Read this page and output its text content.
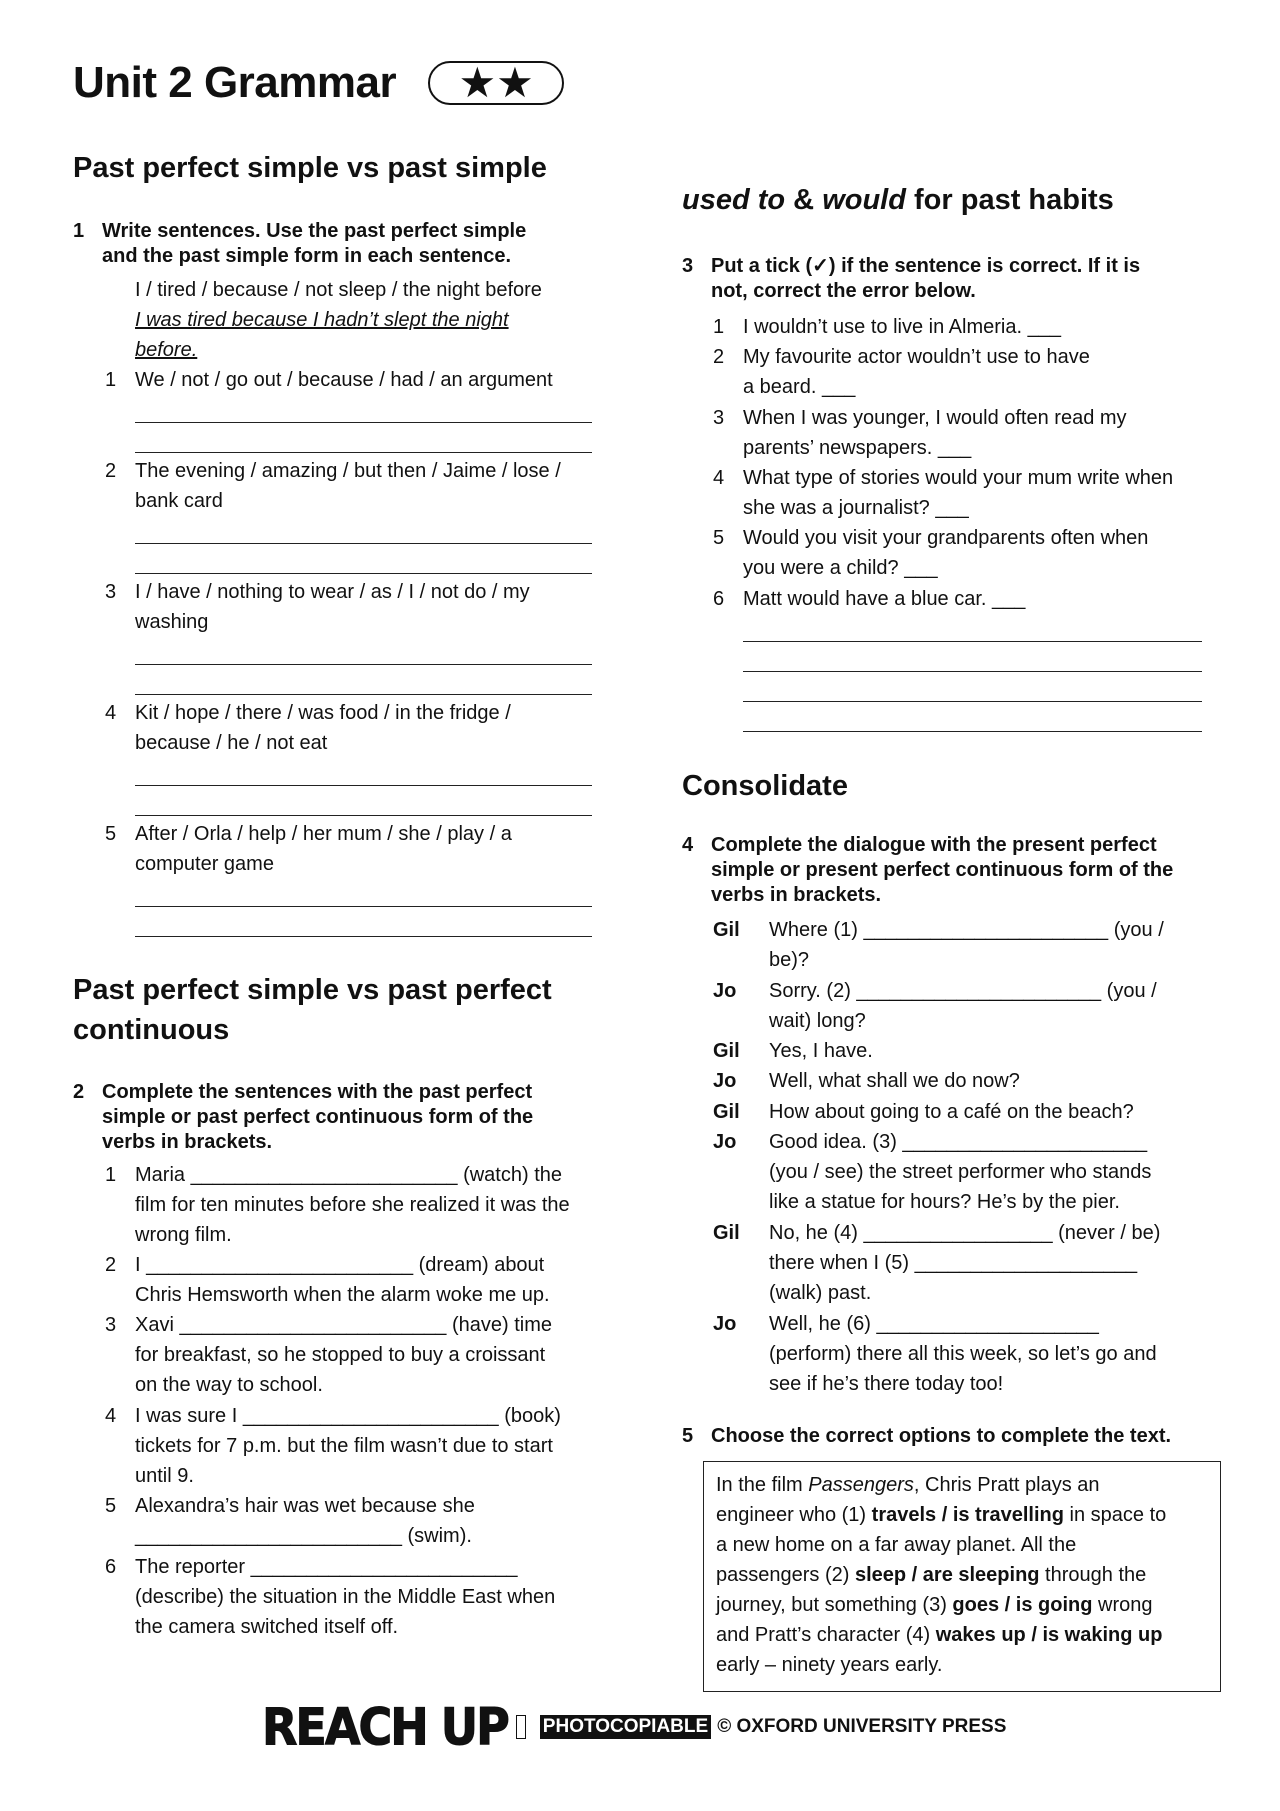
Unit 2 Grammar	★★
Past perfect simple vs past simple
1 Write sentences. Use the past perfect simple
and the past simple form in each sentence.
I / tired / because / not sleep / the night before
I was tired because I hadn’t slept the night
before.
1 We / not / go out / because / had / an argument
2 The evening / amazing / but then / Jaime / lose /
bank card
3 I / have / nothing to wear / as / I / not do / my
washing
4 Kit / hope / there / was food / in the fridge /
because / he / not eat
5 After / Orla / help / her mum / she / play / a
computer game
Past perfect simple vs past perfect
continuous
2 Complete the sentences with the past perfect
simple or past perfect continuous form of the
verbs in brackets.
1 Maria ________________________ (watch) the
film for ten minutes before she realized it was the
wrong film.
2 I ________________________ (dream) about
Chris Hemsworth when the alarm woke me up.
3 Xavi ________________________ (have) time
for breakfast, so he stopped to buy a croissant
on the way to school.
4 I was sure I _______________________ (book)
tickets for 7 p.m. but the film wasn’t due to start
until 9.
5 Alexandra’s hair was wet because she
________________________ (swim).
6 The reporter ________________________
(describe) the situation in the Middle East when
the camera switched itself off.
used to & would for past habits
3 Put a tick (✓) if the sentence is correct. If it is
not, correct the error below.
1 I wouldn’t use to live in Almeria. ___
2 My favourite actor wouldn’t use to have
a beard. ___
3 When I was younger, I would often read my
parents’ newspapers. ___
4 What type of stories would your mum write when
she was a journalist? ___
5 Would you visit your grandparents often when
you were a child? ___
6 Matt would have a blue car. ___
Consolidate
4 Complete the dialogue with the present perfect
simple or present perfect continuous form of the
verbs in brackets.
Gil Where (1) ______________________ (you /
be)?
Jo Sorry. (2) ______________________ (you /
wait) long?
Gil Yes, I have.
Jo Well, what shall we do now?
Gil How about going to a café on the beach?
Jo Good idea. (3) ______________________
(you / see) the street performer who stands
like a statue for hours? He’s by the pier.
Gil No, he (4) _________________ (never / be)
there when I (5) ____________________
(walk) past.
Jo Well, he (6) ____________________
(perform) there all this week, so let’s go and
see if he’s there today too!
5 Choose the correct options to complete the text.
In the film Passengers, Chris Pratt plays an
engineer who (1) travels / is travelling in space to
a new home on a far away planet. All the
passengers (2) sleep / are sleeping through the
journey, but something (3) goes / is going wrong
and Pratt’s character (4) wakes up / is waking up
early – ninety years early.
REACH UP PHOTOCOPIABLE © OXFORD UNIVERSITY PRESS
